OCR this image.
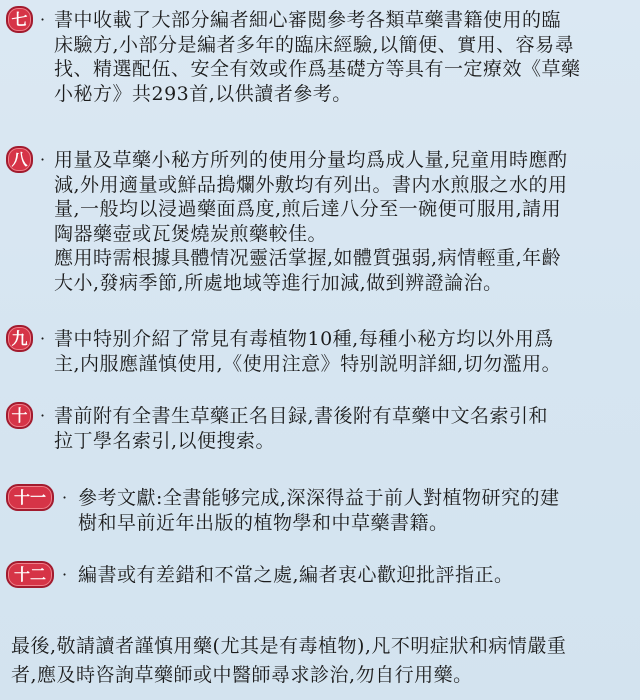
七 · 書中收載了大部分編者細心審閲參考各類草藥書籍使用的臨
床驗方,小部分是編者多年的臨床經驗,以簡便、實用、容易尋
找、精選配伍、安全有效或作爲基礎方等具有一定療效《草藥
小秘方》共293首,以供讀者參考。
八 · 用量及草藥小秘方所列的使用分量均爲成人量,兒童用時應酌
減,外用適量或鮮品搗爛外敷均有列出。書内水煎服之水的用
量,一般均以浸過藥面爲度,煎后達八分至一碗便可服用,請用
陶器藥壺或瓦煲燒炭煎藥較佳。
應用時需根據具體情况靈活掌握,如體質强弱,病情輕重,年齡
大小,發病季節,所處地域等進行加減,做到辨證論治。
九 · 書中特别介紹了常見有毒植物10種,每種小秘方均以外用爲
主,内服應謹慎使用,《使用注意》特别説明詳細,切勿濫用。
十 · 書前附有全書生草藥正名目録,書後附有草藥中文名索引和
拉丁學名索引,以便搜索。
十一	· 參考文獻:全書能够完成,深深得益于前人對植物研究的建
樹和早前近年出版的植物學和中草藥書籍。
十二	· 編書或有差錯和不當之處,編者衷心歡迎批評指正。
最後,敬請讀者謹慎用藥(尤其是有毒植物),凡不明症狀和病情嚴重
者,應及時咨詢草藥師或中醫師尋求診治,勿自行用藥。
